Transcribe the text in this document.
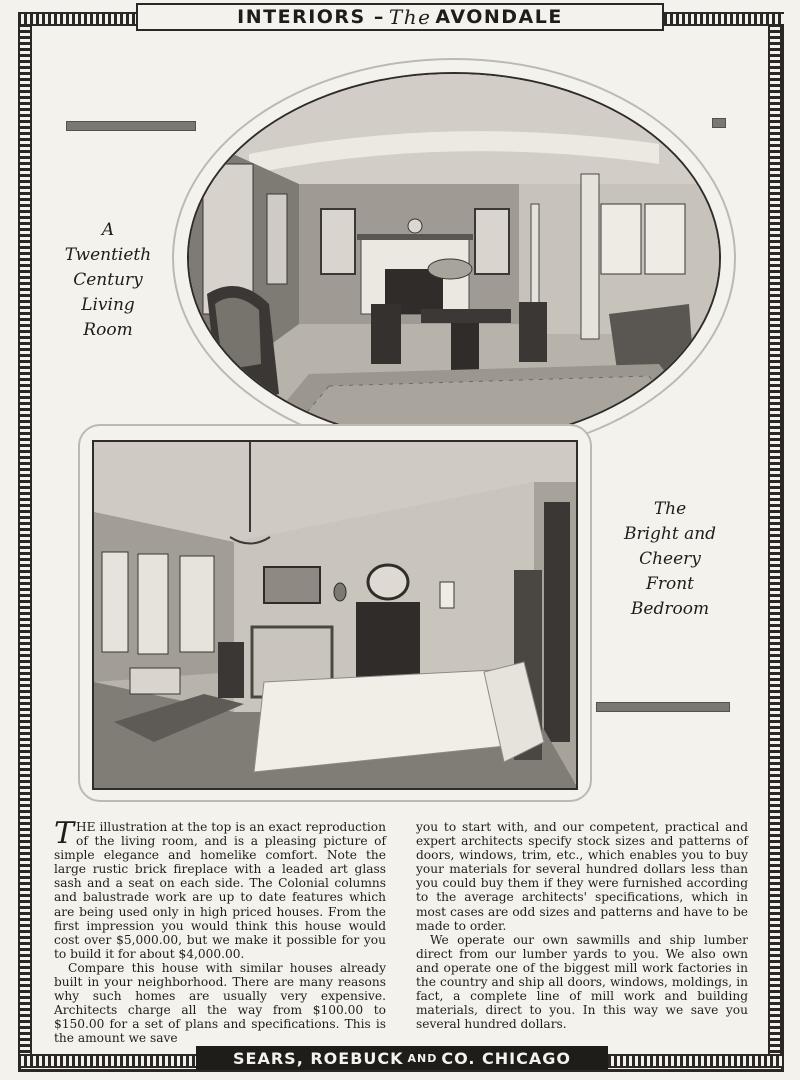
INTERIORS – The AVONDALE
A
Twentieth
Century
Living
Room
The
Bright and
Cheery
Front
Bedroom

THE illustration at the top is an exact reproduction of the living room, and is a pleasing picture of simple elegance and homelike comfort. Note the large rustic brick fireplace with a leaded art glass sash and a seat on each side. The Colonial columns and balustrade work are up to date features which are being used only in high priced houses. From the first impression you would think this house would cost over $5,000.00, but we make it possible for you to build it for about $4,000.00.

Compare this house with similar houses already built in your neighborhood. There are many reasons why such homes are usually very expensive. Architects charge all the way from $100.00 to $150.00 for a set of plans and specifications. This is the amount we save

you to start with, and our competent, practical and expert architects specify stock sizes and patterns of doors, windows, trim, etc., which enables you to buy your materials for several hundred dollars less than you could buy them if they were furnished according to the average architects' specifications, which in most cases are odd sizes and patterns and have to be made to order.

We operate our own sawmills and ship lumber direct from our lumber yards to you. We also own and operate one of the biggest mill work factories in the country and ship all doors, windows, moldings, in fact, a complete line of mill work and building materials, direct to you. In this way we save you several hundred dollars.

SEARS, ROEBUCK AND CO. CHICAGO
